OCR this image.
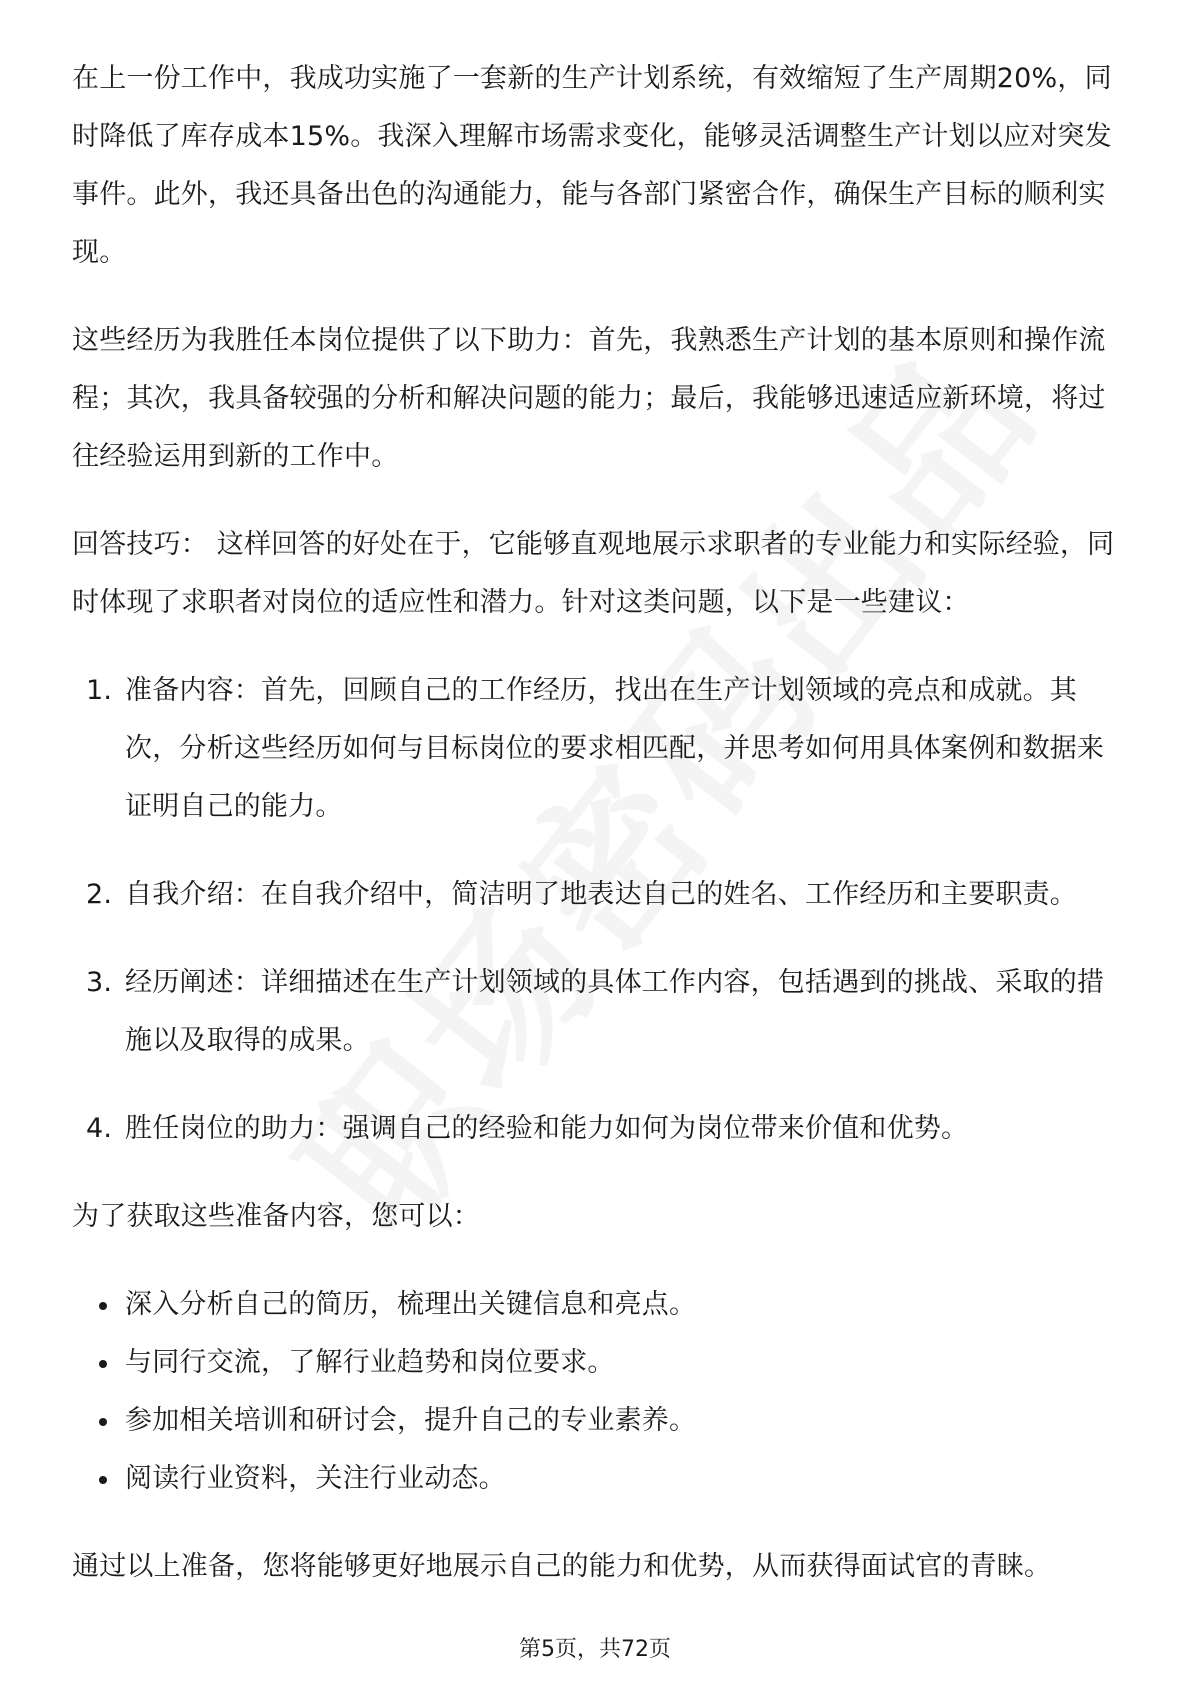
在上一份工作中，我成功实施了一套新的生产计划系统，有效缩短了生产周期20%，同时降低了库存成本15%。我深入理解市场需求变化，能够灵活调整生产计划以应对突发事件。此外，我还具备出色的沟通能力，能与各部门紧密合作，确保生产目标的顺利实现。

这些经历为我胜任本岗位提供了以下助力：首先，我熟悉生产计划的基本原则和操作流程；其次，我具备较强的分析和解决问题的能力；最后，我能够迅速适应新环境，将过往经验运用到新的工作中。

回答技巧： 这样回答的好处在于，它能够直观地展示求职者的专业能力和实际经验，同时体现了求职者对岗位的适应性和潜力。针对这类问题，以下是一些建议：

1. 准备内容：首先，回顾自己的工作经历，找出在生产计划领域的亮点和成就。其次，分析这些经历如何与目标岗位的要求相匹配，并思考如何用具体案例和数据来证明自己的能力。
2. 自我介绍：在自我介绍中，简洁明了地表达自己的姓名、工作经历和主要职责。
3. 经历阐述：详细描述在生产计划领域的具体工作内容，包括遇到的挑战、采取的措施以及取得的成果。
4. 胜任岗位的助力：强调自己的经验和能力如何为岗位带来价值和优势。

为了获取这些准备内容，您可以：

深入分析自己的简历，梳理出关键信息和亮点。
与同行交流，了解行业趋势和岗位要求。
参加相关培训和研讨会，提升自己的专业素养。
阅读行业资料，关注行业动态。

通过以上准备，您将能够更好地展示自己的能力和优势，从而获得面试官的青睐。

第5页，共72页
